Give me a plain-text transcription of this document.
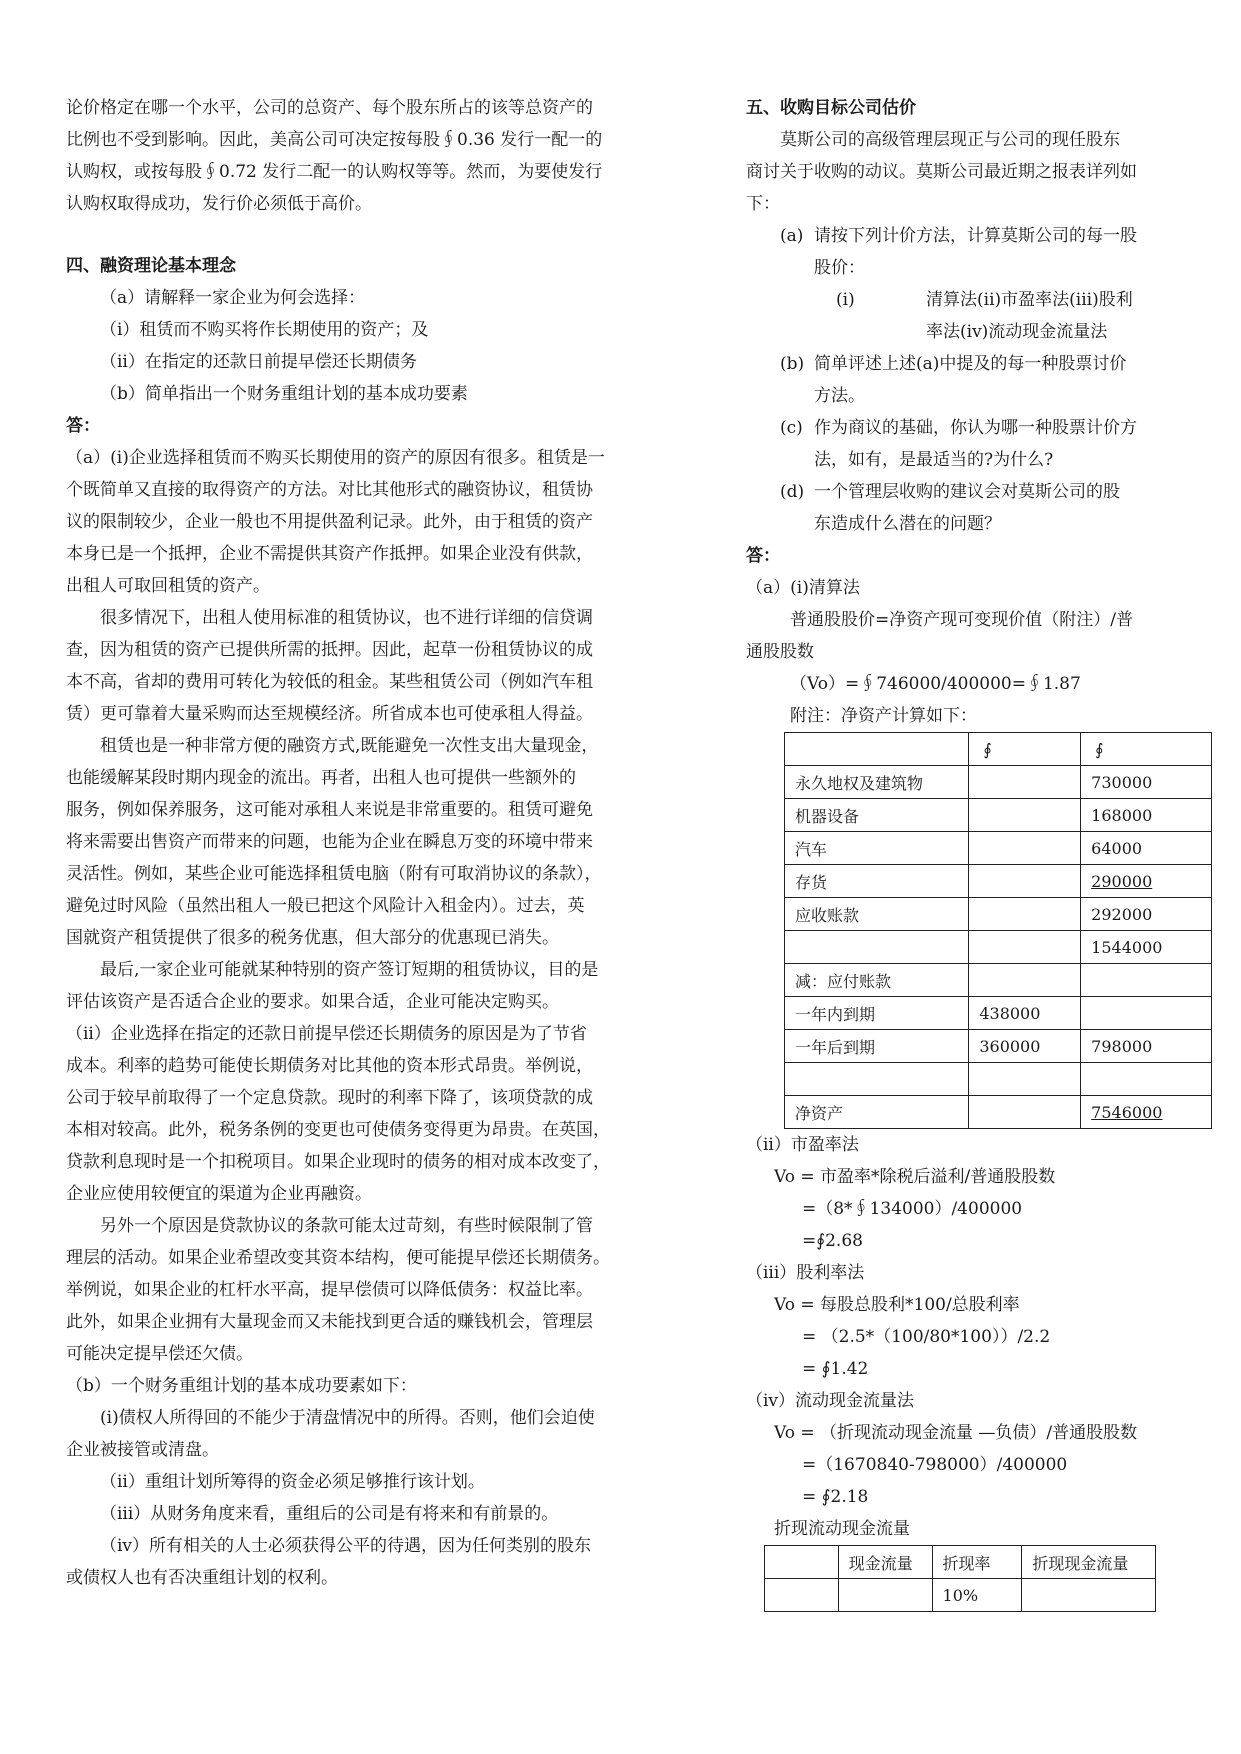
论价格定在哪一个水平，公司的总资产、每个股东所占的该等总资产的

比例也不受到影响。因此，美高公司可决定按每股∮0.36 发行一配一的

认购权，或按每股∮0.72 发行二配一的认购权等等。然而，为要使发行

认购权取得成功，发行价必须低于高价。

四、融资理论基本理念

（a）请解释一家企业为何会选择：

（i）租赁而不购买将作长期使用的资产；及

（ii）在指定的还款日前提早偿还长期债务

（b）简单指出一个财务重组计划的基本成功要素

答：

（a）(i)企业选择租赁而不购买长期使用的资产的原因有很多。租赁是一

个既简单又直接的取得资产的方法。对比其他形式的融资协议，租赁协

议的限制较少，企业一般也不用提供盈利记录。此外，由于租赁的资产

本身已是一个抵押，企业不需提供其资产作抵押。如果企业没有供款，

出租人可取回租赁的资产。

很多情况下，出租人使用标准的租赁协议，也不进行详细的信贷调

查，因为租赁的资产已提供所需的抵押。因此，起草一份租赁协议的成

本不高，省却的费用可转化为较低的租金。某些租赁公司（例如汽车租

赁）更可靠着大量采购而达至规模经济。所省成本也可使承租人得益。

租赁也是一种非常方便的融资方式,既能避免一次性支出大量现金，

也能缓解某段时期内现金的流出。再者，出租人也可提供一些额外的

服务，例如保养服务，这可能对承租人来说是非常重要的。租赁可避免

将来需要出售资产而带来的问题，也能为企业在瞬息万变的环境中带来

灵活性。例如，某些企业可能选择租赁电脑（附有可取消协议的条款），

避免过时风险（虽然出租人一般已把这个风险计入租金内）。过去，英

国就资产租赁提供了很多的税务优惠，但大部分的优惠现已消失。

最后,一家企业可能就某种特别的资产签订短期的租赁协议，目的是

评估该资产是否适合企业的要求。如果合适，企业可能决定购买。

（ii）企业选择在指定的还款日前提早偿还长期债务的原因是为了节省

成本。利率的趋势可能使长期债务对比其他的资本形式昂贵。举例说，

公司于较早前取得了一个定息贷款。现时的利率下降了，该项贷款的成

本相对较高。此外，税务条例的变更也可使债务变得更为昂贵。在英国，

贷款利息现时是一个扣税项目。如果企业现时的债务的相对成本改变了，

企业应使用较便宜的渠道为企业再融资。

另外一个原因是贷款协议的条款可能太过苛刻，有些时候限制了管

理层的活动。如果企业希望改变其资本结构，便可能提早偿还长期债务。

举例说，如果企业的杠杆水平高，提早偿债可以降低债务：权益比率。

此外，如果企业拥有大量现金而又未能找到更合适的赚钱机会，管理层

可能决定提早偿还欠债。

（b）一个财务重组计划的基本成功要素如下：

(i)债权人所得回的不能少于清盘情况中的所得。否则，他们会迫使

企业被接管或清盘。

（ii）重组计划所筹得的资金必须足够推行该计划。

（iii）从财务角度来看，重组后的公司是有将来和有前景的。

（iv）所有相关的人士必须获得公平的待遇，因为任何类别的股东

或债权人也有否决重组计划的权利。

五、收购目标公司估价

莫斯公司的高级管理层现正与公司的现任股东

商讨关于收购的动议。莫斯公司最近期之报表详列如

下：

(a) 请按下列计价方法，计算莫斯公司的每一股
股价：
(i)	清算法(ii)市盈率法(iii)股利
率法(iv)流动现金流量法
(b) 简单评述上述(a)中提及的每一种股票讨价
方法。
(c) 作为商议的基础，你认为哪一种股票计价方
法，如有，是最适当的?为什么?
(d) 一个管理层收购的建议会对莫斯公司的股
东造成什么潜在的问题？

答：

（a）(i)清算法

普通股股价=净资产现可变现价值（附注）/普

通股股数

（Vo）=∮746000/400000=∮1.87

附注：净资产计算如下：

	∮	∮
永久地权及建筑物		730000
机器设备		168000
汽车		64000
存货		290000
应收账款		292000
		1544000
减：应付账款		
一年内到期	438000	
一年后到期	360000	798000

净资产		7546000

（ii）市盈率法

Vo = 市盈率*除税后溢利/普通股股数

=（8*∮134000）/400000

=∮2.68

（iii）股利率法

Vo = 每股总股利*100/总股利率

= （2.5*（100/80*100））/2.2

= ∮1.42

（iv）流动现金流量法

Vo = （折现流动现金流量 —负债）/普通股股数

=（1670840-798000）/400000

= ∮2.18

折现流动现金流量

	现金流量	折现率	折现现金流量
		10%	
